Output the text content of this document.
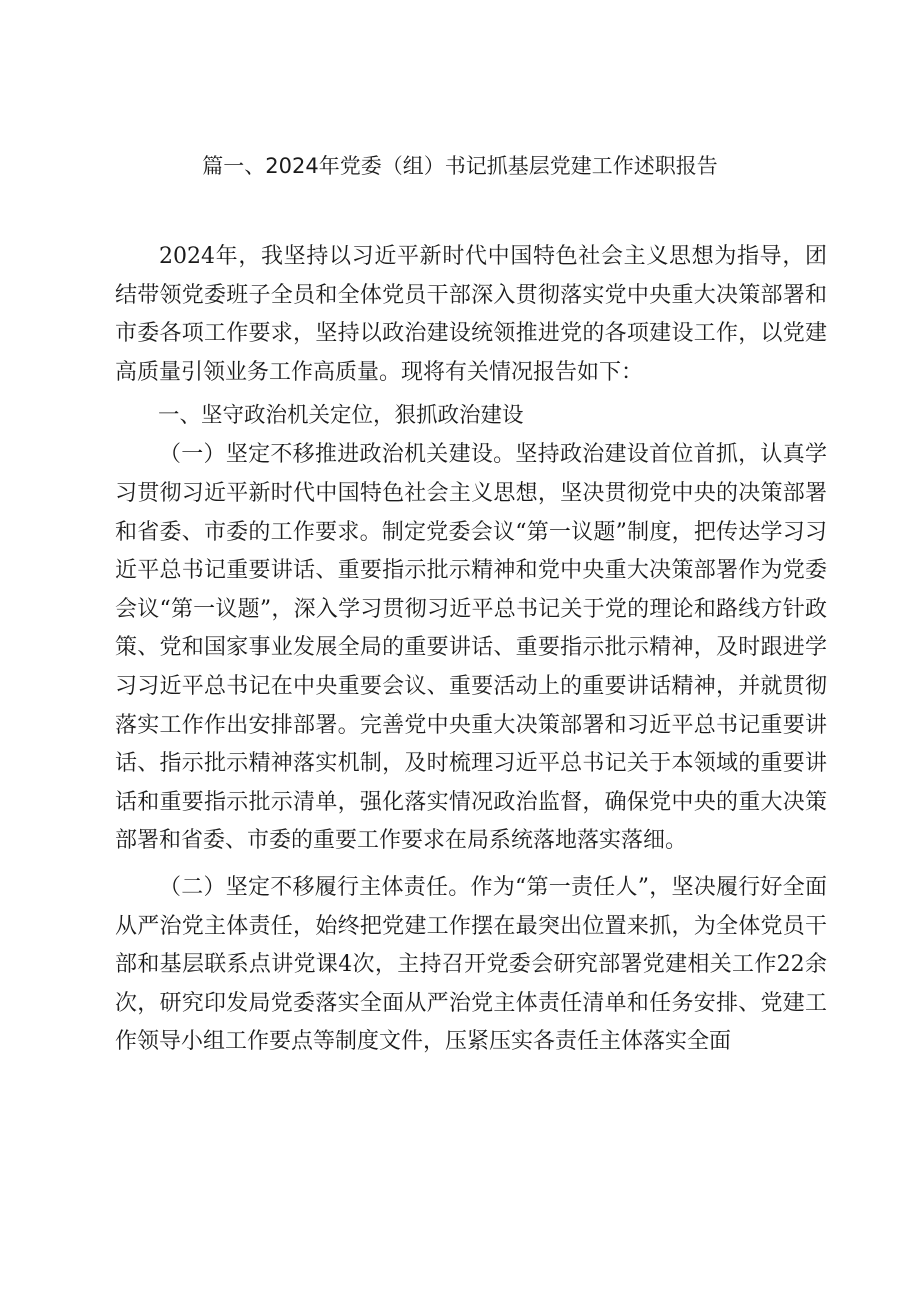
篇一、2024年党委（组）书记抓基层党建工作述职报告

2024年，我坚持以习近平新时代中国特色社会主义思想为指导，团结带领党委班子全员和全体党员干部深入贯彻落实党中央重大决策部署和市委各项工作要求，坚持以政治建设统领推进党的各项建设工作，以党建高质量引领业务工作高质量。现将有关情况报告如下：

一、坚守政治机关定位，狠抓政治建设

（一）坚定不移推进政治机关建设。坚持政治建设首位首抓，认真学习贯彻习近平新时代中国特色社会主义思想，坚决贯彻党中央的决策部署和省委、市委的工作要求。制定党委会议“第一议题”制度，把传达学习习近平总书记重要讲话、重要指示批示精神和党中央重大决策部署作为党委会议“第一议题”，深入学习贯彻习近平总书记关于党的理论和路线方针政策、党和国家事业发展全局的重要讲话、重要指示批示精神，及时跟进学习习近平总书记在中央重要会议、重要活动上的重要讲话精神，并就贯彻落实工作作出安排部署。完善党中央重大决策部署和习近平总书记重要讲话、指示批示精神落实机制，及时梳理习近平总书记关于本领域的重要讲话和重要指示批示清单，强化落实情况政治监督，确保党中央的重大决策部署和省委、市委的重要工作要求在局系统落地落实落细。

（二）坚定不移履行主体责任。作为“第一责任人”，坚决履行好全面从严治党主体责任，始终把党建工作摆在最突出位置来抓，为全体党员干部和基层联系点讲党课4次，主持召开党委会研究部署党建相关工作22余次，研究印发局党委落实全面从严治党主体责任清单和任务安排、党建工作领导小组工作要点等制度文件，压紧压实各责任主体落实全面
